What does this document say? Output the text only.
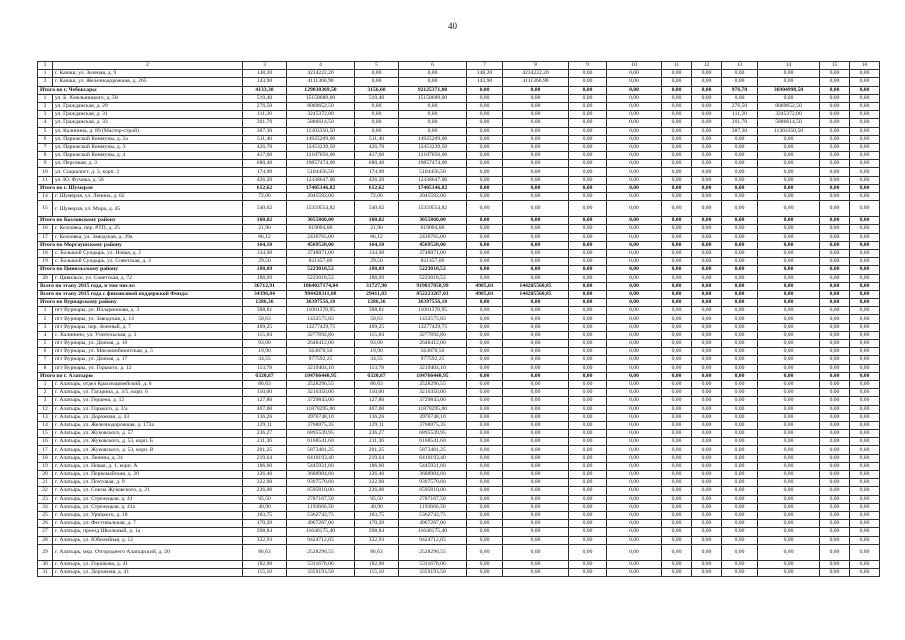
40
1	2	3	4	5	6	7	8	9	10	11	12	13	14	15	16
1	г. Канаш, ул. Зеленая, д. 9	148,20	4234222,20	0,00	0,00	148,20	4234222,20	0,00	0,00	0,00	0,00	0,00	0,00	0,00	0,00
2	г. Канаш, ул. Железнодорожная, д. 265	143,90	4111366,90	0,00	0,00	143,90	4111366,90	0,00	0,00	0,00	0,00	0,00	0,00	0,00	0,00
Итого по г. Чебоксары		4133,30	129030369,50	3156,60	92125371,00	0,00	0,00	0,00	0,00	0,00	0,00	976,70	36904998,50	0,00	0,00
1	ул. Б. Хмельницкого, д. 58	519,40	15158689,00	519,40	15158689,00	0,00	0,00	0,00	0,00	0,00	0,00	0,00	0,00	0,00	0,00
2	ул. Гражданская, д. 29	276,50	8069652,50	0,00	0,00	0,00	0,00	0,00	0,00	0,00	0,00	276,50	8069652,50	0,00	0,00
3	ул. Гражданская, д. 31	111,20	3245372,00	0,00	0,00	0,00	0,00	0,00	0,00	0,00	0,00	111,20	3245372,00	0,00	0,00
4	ул. Гражданская, д. 33	201,70	5886614,50	0,00	0,00	0,00	0,00	0,00	0,00	0,00	0,00	201,70	5886614,50	0,00	0,00
5	ул. Калинина, д. 89 (Мастер-строй)	387,30	11303350,50	0,00	0,00	0,00	0,00	0,00	0,00	0,00	0,00	387,30	11303350,50	0,00	0,00
6	ул. Парижской Коммуны, д. 2а	511,40	14925209,00	511,40	14925209,00	0,00	0,00	0,00	0,00	0,00	0,00	0,00	0,00	0,00	0,00
7	ул. Парижской Коммуны, д. 3	426,70	12453239,50	426,70	12453239,50	0,00	0,00	0,00	0,00	0,00	0,00	0,00	0,00	0,00	0,00
8	ул. Парижской Коммуны, д. 4	417,60	12187656,00	417,60	12187656,00	0,00	0,00	0,00	0,00	0,00	0,00	0,00	0,00	0,00	0,00
9	ул. Персчная, д. 3	680,40	19857474,00	680,40	19857474,00	0,00	0,00	0,00	0,00	0,00	0,00	0,00	0,00	0,00	0,00
10	ул. Социалист, д. 3, корп. 2	174,90	5104456,50	174,90	5104456,50	0,00	0,00	0,00	0,00	0,00	0,00	0,00	0,00	0,00	0,00
11	ул. Ю. Фучика, д. 56	426,20	12438647,00	426,20	12438647,00	0,00	0,00	0,00	0,00	0,00	0,00	0,00	0,00	0,00	0,00
Итого по г. Шумерля		612,62	17405146,82	612,62	17405146,82	0,00	0,00	0,00	0,00	0,00	0,00	0,00	0,00	0,00	0,00
14	г. Шумерля, ул. Ленина, д. 62	72,00	2045592,00	72,00	2045592,00	0,00	0,00	0,00	0,00	0,00	0,00	0,00	0,00	0,00	0,00
15	г. Шумерля, ул. Мира, д. 45	540,62	15359554,82	540,62	15359554,82	0,00	0,00	0,00	0,00	0,00	0,00	0,00	0,00	0,00	0,00
Итого по Козловскому району		108,02	3055860,00	108,02	3055860,00	0,00	0,00	0,00	0,00	0,00	0,00	0,00	0,00	0,00	0,00
16	г. Козловка, пер. РТП, д. 25	21,90	619094,00	21,90	619094,00	0,00	0,00	0,00	0,00	0,00	0,00	0,00	0,00	0,00	0,00
17	г. Козловка, ул. Заводская, д. 39а	86,12	2436765,00	86,12	2436765,00	0,00	0,00	0,00	0,00	0,00	0,00	0,00	0,00	0,00	0,00
Итого по Моргаушскому району		164,10	4569528,00	164,10	4569528,00	0,00	0,00	0,00	0,00	0,00	0,00	0,00	0,00	0,00	0,00
18	с. Большой Сундырь, ул. Новая, д. 2	134,60	3748071,00	134,60	3748071,00	0,00	0,00	0,00	0,00	0,00	0,00	0,00	0,00	0,00	0,00
19	с. Большой Сундырь, ул. Советская, д. 3	29,50	821457,00	29,50	821457,00	0,00	0,00	0,00	0,00	0,00	0,00	0,00	0,00	0,00	0,00
Итого по Цивильскому району		188,69	5223018,52	188,69	5223018,52	0,00	0,00	0,00	0,00	0,00	0,00	0,00	0,00	0,00	0,00
20	г. Цивильск, ул. Советская, д. 72	188,69	5223018,52	188,69	5223018,52	0,00	0,00	0,00	0,00	0,00	0,00	0,00	0,00	0,00	0,00
Всего по этапу 2015 года, в том числе:		36712,91	1064027174,84	31727,90	919817858,99	4985,01	144205560,85	0,00	0,00	0,00	0,00	0,00	0,00	0,00	0,00
Всего по этапу 2015 года с финансовой поддержкой Фонда:		34396,84	994428311,88	29411,83	852223267,03	4985,01	144205560,85	0,00	0,00	0,00	0,00	0,00	0,00	0,00	0,00
Итого по Вурнарскому району		1286,36	36397556,18	1286,36	36397556,18	0,00	0,00	0,00	0,00	0,00	0,00	0,00	0,00	0,00	0,00
1	пгт Вурнары, ул. Илларионова, д. 3	388,81	11001378,95	388,81	11001378,95	0,00	0,00	0,00	0,00	0,00	0,00	0,00	0,00	0,00	0,00
2	пгт Вурнары, ул. Заводская, д. 14	50,63	1432575,83	50,63	1432575,83	0,00	0,00	0,00	0,00	0,00	0,00	0,00	0,00	0,00	0,00
3	пгт Вурнары, пер. Зеленый, д. 7	469,25	13277429,75	469,25	13277429,75	0,00	0,00	0,00	0,00	0,00	0,00	0,00	0,00	0,00	0,00
4	с. Калинино, ул. Учительская, д. 3	115,84	3277692,80	115,84	3277692,80	0,00	0,00	0,00	0,00	0,00	0,00	0,00	0,00	0,00	0,00
5	пгт Вурнары, ул. Дачная, д. 10	93,60	2648412,00	93,60	2648412,00	0,00	0,00	0,00	0,00	0,00	0,00	0,00	0,00	0,00	0,00
6	пгт Вурнары, ул. Мясокомбинатская, д. 5	19,90	563070,50	19,90	563070,50	0,00	0,00	0,00	0,00	0,00	0,00	0,00	0,00	0,00	0,00
7	пгт Вурнары, ул. Дачная, д. 17	34,55	977592,25	34,55	977592,25	0,00	0,00	0,00	0,00	0,00	0,00	0,00	0,00	0,00	0,00
8	пгт Вурнары, ул. Горького, д. 12	113,78	3219404,10	113,78	3219404,10	0,00	0,00	0,00	0,00	0,00	0,00	0,00	0,00	0,00	0,00
Итого по г. Алатырю		6320,87	184766440,95	6320,87	184766440,95	0,00	0,00	0,00	0,00	0,00	0,00	0,00	0,00	0,00	0,00
1	г. Алатырь, отдел Красноармейский, д. 6	86,63	2528296,55	86,63	2528296,55	0,00	0,00	0,00	0,00	0,00	0,00	0,00	0,00	0,00	0,00
2	г. Алатырь, ул. Гагарина, д. 3/5, корп. 6	110,00	3210350,00	110,00	3210350,00	0,00	0,00	0,00	0,00	0,00	0,00	0,00	0,00	0,00	0,00
3	г. Алатырь, ул. Герцена, д. 12	127,80	3729843,00	127,80	3729843,00	0,00	0,00	0,00	0,00	0,00	0,00	0,00	0,00	0,00	0,00
12	г. Алатырь, ул. Горького, д. 3/а	407,00	11878295,00	407,00	11878295,00	0,00	0,00	0,00	0,00	0,00	0,00	0,00	0,00	0,00	0,00
13	г. Алатырь, ул. Дорожная, д. 43	136,26	3976748,10	136,26	3976748,10	0,00	0,00	0,00	0,00	0,00	0,00	0,00	0,00	0,00	0,00
14	г. Алатырь, ул. Железнодорожная, д. 173а	129,11	3768075,35	129,11	3768075,35	0,00	0,00	0,00	0,00	0,00	0,00	0,00	0,00	0,00	0,00
15	г. Алатырь, ул. Жуковского, д. 57	236,27	6895539,95	236,27	6895539,95	0,00	0,00	0,00	0,00	0,00	0,00	0,00	0,00	0,00	0,00
16	г. Алатырь, ул. Жуковского, д. 53, корп. Б	211,36	6168541,60	211,36	6168541,60	0,00	0,00	0,00	0,00	0,00	0,00	0,00	0,00	0,00	0,00
17	г. Алатырь, ул. Жуковского, д. 53, корп. В	201,25	5873481,25	201,25	5873481,25	0,00	0,00	0,00	0,00	0,00	0,00	0,00	0,00	0,00	0,00
18	г. Алатырь, ул. Ленина, д. 24	219,64	6410193,40	219,64	6410193,40	0,00	0,00	0,00	0,00	0,00	0,00	0,00	0,00	0,00	0,00
19	г. Алатырь, ул. Новая, д. 1, корп. А	186,60	5445921,00	186,60	5445921,00	0,00	0,00	0,00	0,00	0,00	0,00	0,00	0,00	0,00	0,00
20	г. Алатырь, ул. Первомайская, д. 20	126,40	3688984,00	126,40	3688984,00	0,00	0,00	0,00	0,00	0,00	0,00	0,00	0,00	0,00	0,00
21	г. Алатырь, ул. Почтовая, д. 9	322,00	9397570,00	322,00	9397570,00	0,00	0,00	0,00	0,00	0,00	0,00	0,00	0,00	0,00	0,00
22	г. Алатырь, ул. Союза Жуковского, д. 21	226,00	6595810,00	226,00	6595810,00	0,00	0,00	0,00	0,00	0,00	0,00	0,00	0,00	0,00	0,00
23	г. Алатырь, ул. Стрелецкая, д. 41	95,50	2787167,50	95,50	2787167,50	0,00	0,00	0,00	0,00	0,00	0,00	0,00	0,00	0,00	0,00
24	г. Алатырь, ул. Стрелецкая, д. 41а	40,90	1193666,50	40,90	1193666,50	0,00	0,00	0,00	0,00	0,00	0,00	0,00	0,00	0,00	0,00
25	г. Алатырь, ул. Урицкого, д. 18	183,75	5362743,75	183,75	5362743,75	0,00	0,00	0,00	0,00	0,00	0,00	0,00	0,00	0,00	0,00
26	г. Алатырь, ул. Фестивальная, д. 7	170,20	4967287,00	170,20	4967287,00	0,00	0,00	0,00	0,00	0,00	0,00	0,00	0,00	0,00	0,00
27	г. Алатырь, проезд Школьный, д. 1а	398,84	11640175,40	398,84	11640175,40	0,00	0,00	0,00	0,00	0,00	0,00	0,00	0,00	0,00	0,00
28	г. Алатырь, ул. Юбилейная, д. 12	322,93	9424712,05	322,93	9424712,05	0,00	0,00	0,00	0,00	0,00	0,00	0,00	0,00	0,00	0,00
29	г. Алатырь, мкр. Отгороднего Алатырский, д. 20	86,63	2528296,55	86,63	2528296,55	0,00	0,00	0,00	0,00	0,00	0,00	0,00	0,00	0,00	0,00
30	г. Алатырь, ул. Горшкова, д. 41	182,00	5311670,00	182,00	5311670,00	0,00	0,00	0,00	0,00	0,00	0,00	0,00	0,00	0,00	0,00
31	г. Алатырь, ул. Дорожная, д. 41	115,10	3359193,50	115,10	3359193,50	0,00	0,00	0,00	0,00	0,00	0,00	0,00	0,00	0,00	0,00
